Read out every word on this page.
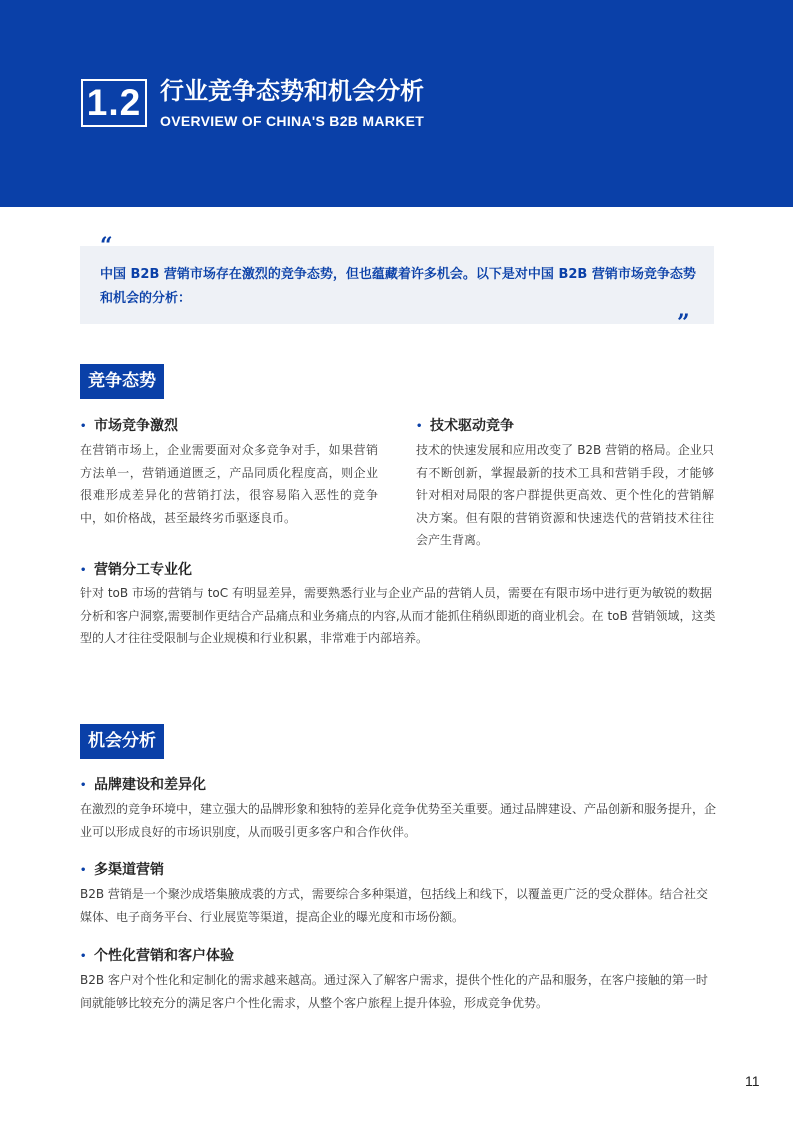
1.2 行业竞争态势和机会分析
OVERVIEW OF CHINA'S B2B MARKET
“
中国 B2B 营销市场存在激烈的竞争态势，但也蕴藏着许多机会。以下是对中国 B2B 营销市场竞争态势和机会的分析：
”
竞争态势
• 市场竞争激烈
在营销市场上，企业需要面对众多竞争对手，如果营销方法单一，营销通道匮乏，产品同质化程度高，则企业很难形成差异化的营销打法，很容易陷入恶性的竞争中，如价格战，甚至最终劣币驱逐良币。
• 技术驱动竞争
技术的快速发展和应用改变了 B2B 营销的格局。企业只有不断创新，掌握最新的技术工具和营销手段，才能够针对相对局限的客户群提供更高效、更个性化的营销解决方案。但有限的营销资源和快速迭代的营销技术往往会产生背离。
• 营销分工专业化
针对 toB 市场的营销与 toC 有明显差异，需要熟悉行业与企业产品的营销人员，需要在有限市场中进行更为敏锐的数据分析和客户洞察,需要制作更结合产品痛点和业务痛点的内容,从而才能抓住稍纵即逝的商业机会。在 toB 营销领域，这类型的人才往往受限制与企业规模和行业积累，非常难于内部培养。
机会分析
• 品牌建设和差异化
在激烈的竞争环境中，建立强大的品牌形象和独特的差异化竞争优势至关重要。通过品牌建设、产品创新和服务提升，企业可以形成良好的市场识别度，从而吸引更多客户和合作伙伴。
• 多渠道营销
B2B 营销是一个聚沙成塔集腋成裘的方式，需要综合多种渠道，包括线上和线下，以覆盖更广泛的受众群体。结合社交媒体、电子商务平台、行业展览等渠道，提高企业的曝光度和市场份额。
• 个性化营销和客户体验
B2B 客户对个性化和定制化的需求越来越高。通过深入了解客户需求，提供个性化的产品和服务，在客户接触的第一时间就能够比较充分的满足客户个性化需求，从整个客户旅程上提升体验，形成竞争优势。
11
